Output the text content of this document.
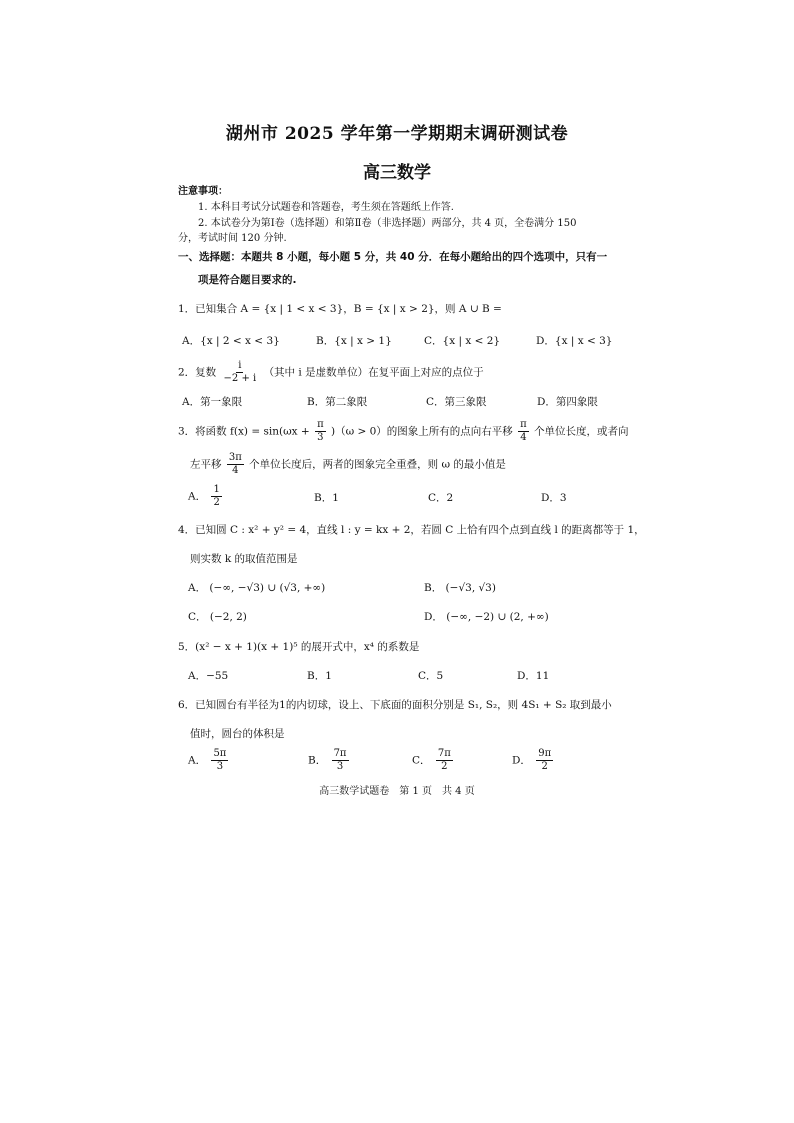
湖州市 2025 学年第一学期期末调研测试卷
高三数学
注意事项：
1. 本科目考试分试题卷和答题卷，考生须在答题纸上作答.
2. 本试卷分为第Ⅰ卷（选择题）和第Ⅱ卷（非选择题）两部分，共 4 页，全卷满分 150
分，考试时间 120 分钟.
一、选择题：本题共 8 小题，每小题 5 分，共 40 分．在每小题给出的四个选项中，只有一
项是符合题目要求的.
1．已知集合 A = {x | 1 < x < 3}，B = {x | x > 2}，则 A ∪ B =
A．{x | 2 < x < 3}	B．{x | x > 1}	C．{x | x < 2}	D．{x | x < 3}
2．复数 $\frac{i}{-2 + i}$ （其中 i 是虚数单位）在复平面上对应的点位于
A．第一象限	B．第二象限	C．第三象限	D．第四象限
3．将函数 $f(x) = \sin(\omega x + \frac{\pi}{3} )(\omega > 0)$的图象上所有的点向右平移 $\frac{\pi}{4}$ 个单位长度，或者向
左平移 $\frac{3\pi}{4}$ 个单位长度后，两者的图象完全重叠，则 ω 的最小值是
A． $\frac{1}{2}$	B．1	C．2	D．3
4．已知圆 C : x² + y² = 4，直线 l : y = kx + 2，若圆 C 上恰有四个点到直线 l 的距离都等于 1，
则实数 k 的取值范围是
A． (−∞, −√3) ∪ (√3, +∞)	B． (−√3, √3)
C． (−2, 2)	D． (−∞, −2) ∪ (2, +∞)
5．(x² − x + 1)(x + 1)⁵ 的展开式中，x⁴ 的系数是
A．−55	B．1	C．5	D．11
6．已知圆台有半径为1的内切球，设上、下底面的面积分别是 S₁, S₂，则 4S₁ + S₂ 取到最小
值时，圆台的体积是
A． $\frac{5\pi}{3}$	B． $\frac{7\pi}{3}$	C． $\frac{7\pi}{2}$	D． $\frac{9\pi}{2}$
高三数学试题卷　第 1 页　共 4 页
